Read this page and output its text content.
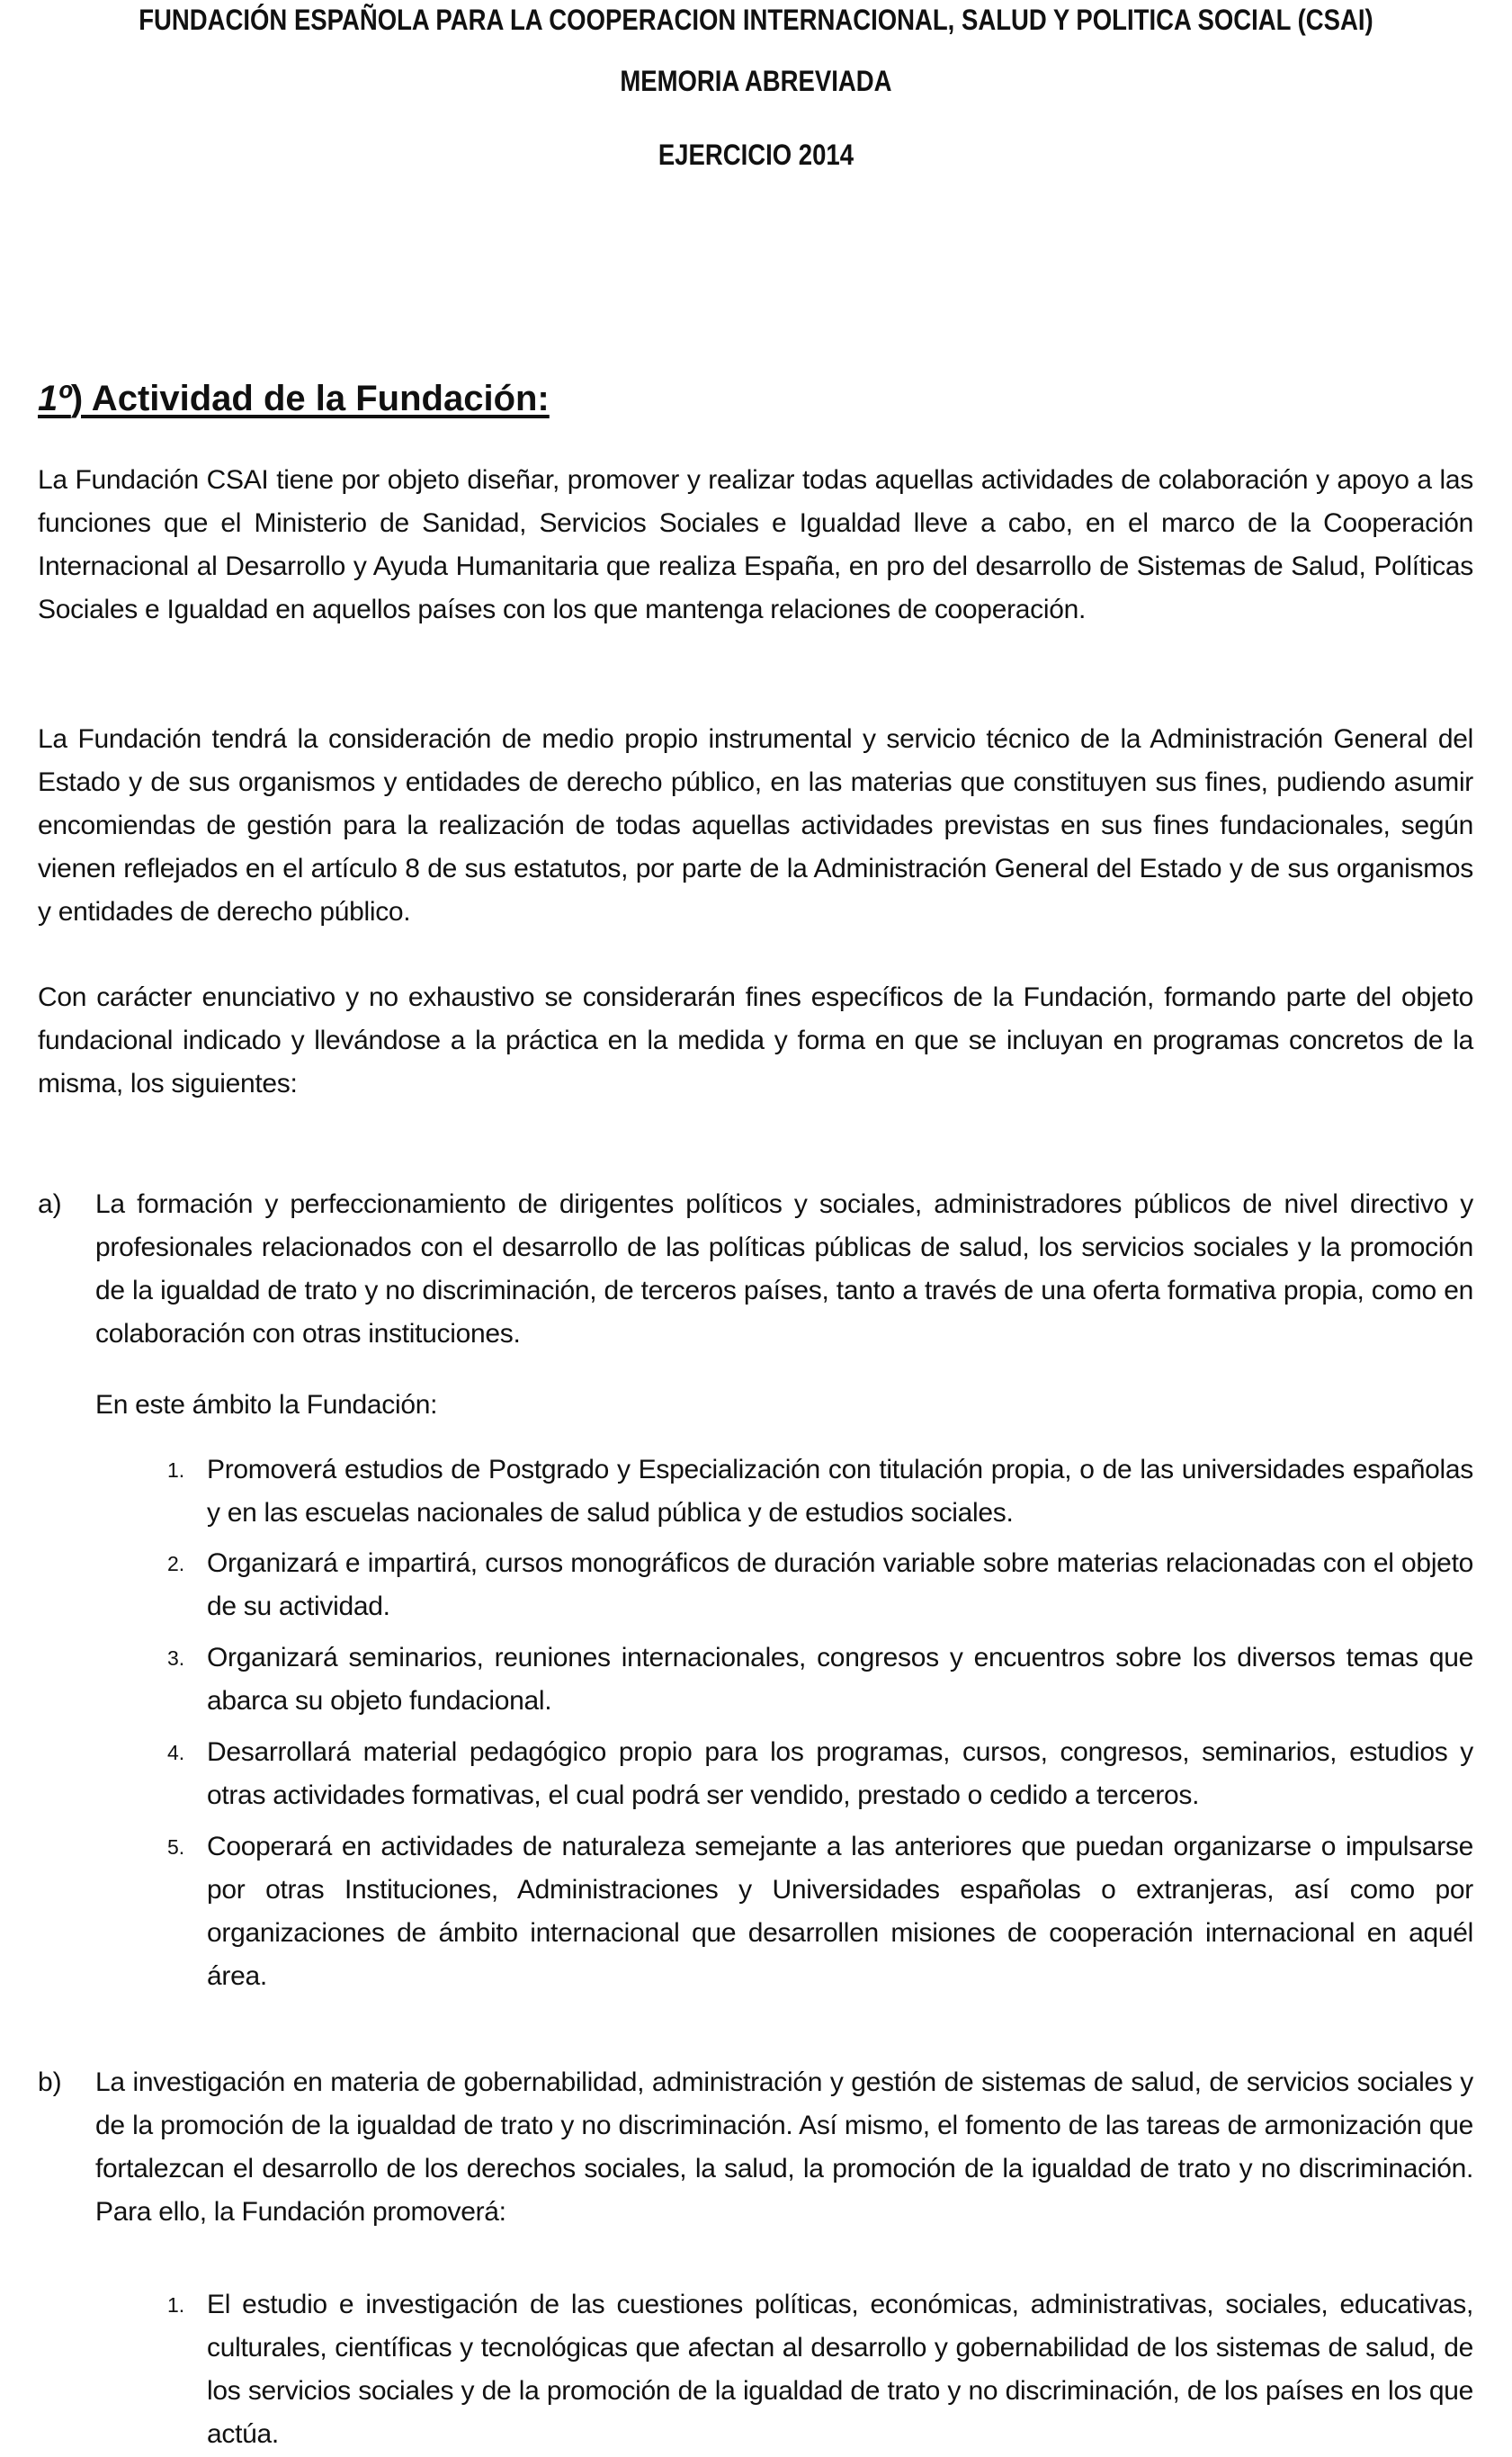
FUNDACIÓN ESPAÑOLA PARA LA COOPERACION INTERNACIONAL, SALUD Y POLITICA SOCIAL (CSAI)
MEMORIA ABREVIADA
EJERCICIO 2014
1º) Actividad de la Fundación:
La Fundación CSAI tiene por objeto diseñar, promover y realizar todas aquellas actividades de colaboración y apoyo a las funciones que el Ministerio de Sanidad, Servicios Sociales e Igualdad lleve a cabo, en el marco de la Cooperación Internacional al Desarrollo y Ayuda Humanitaria que realiza España, en pro del desarrollo de Sistemas de Salud, Políticas Sociales e Igualdad en aquellos países con los que mantenga relaciones de cooperación.
La Fundación tendrá la consideración de medio propio instrumental y servicio técnico de la Administración General del Estado y de sus organismos y entidades de derecho público, en las materias que constituyen sus fines, pudiendo asumir encomiendas de gestión para la realización de todas aquellas actividades previstas en sus fines fundacionales, según vienen reflejados en el artículo 8 de sus estatutos, por parte de la Administración General del Estado y de sus organismos y entidades de derecho público.
Con carácter enunciativo y no exhaustivo se considerarán fines específicos de la Fundación, formando parte del objeto fundacional indicado y llevándose a la práctica en la medida y forma en que se incluyan en programas concretos de la misma, los siguientes:
a) La formación y perfeccionamiento de dirigentes políticos y sociales, administradores públicos de nivel directivo y profesionales relacionados con el desarrollo de las políticas públicas de salud, los servicios sociales y la promoción de la igualdad de trato y no discriminación, de terceros países, tanto a través de una oferta formativa propia, como en colaboración con otras instituciones.
En este ámbito la Fundación:
1. Promoverá estudios de Postgrado y Especialización con titulación propia, o de las universidades españolas y en las escuelas nacionales de salud pública y de estudios sociales.
2. Organizará e impartirá, cursos monográficos de duración variable sobre materias relacionadas con el objeto de su actividad.
3. Organizará seminarios, reuniones internacionales, congresos y encuentros sobre los diversos temas que abarca su objeto fundacional.
4. Desarrollará material pedagógico propio para los programas, cursos, congresos, seminarios, estudios y otras actividades formativas, el cual podrá ser vendido, prestado o cedido a terceros.
5. Cooperará en actividades de naturaleza semejante a las anteriores que puedan organizarse o impulsarse por otras Instituciones, Administraciones y Universidades españolas o extranjeras, así como por organizaciones de ámbito internacional que desarrollen misiones de cooperación internacional en aquél área.
b) La investigación en materia de gobernabilidad, administración y gestión de sistemas de salud, de servicios sociales y de la promoción de la igualdad de trato y no discriminación. Así mismo, el fomento de las tareas de armonización que fortalezcan el desarrollo de los derechos sociales, la salud, la promoción de la igualdad de trato y no discriminación. Para ello, la Fundación promoverá:
1. El estudio e investigación de las cuestiones políticas, económicas, administrativas, sociales, educativas, culturales, científicas y tecnológicas que afectan al desarrollo y gobernabilidad de los sistemas de salud, de los servicios sociales y de la promoción de la igualdad de trato y no discriminación, de los países en los que actúa.
